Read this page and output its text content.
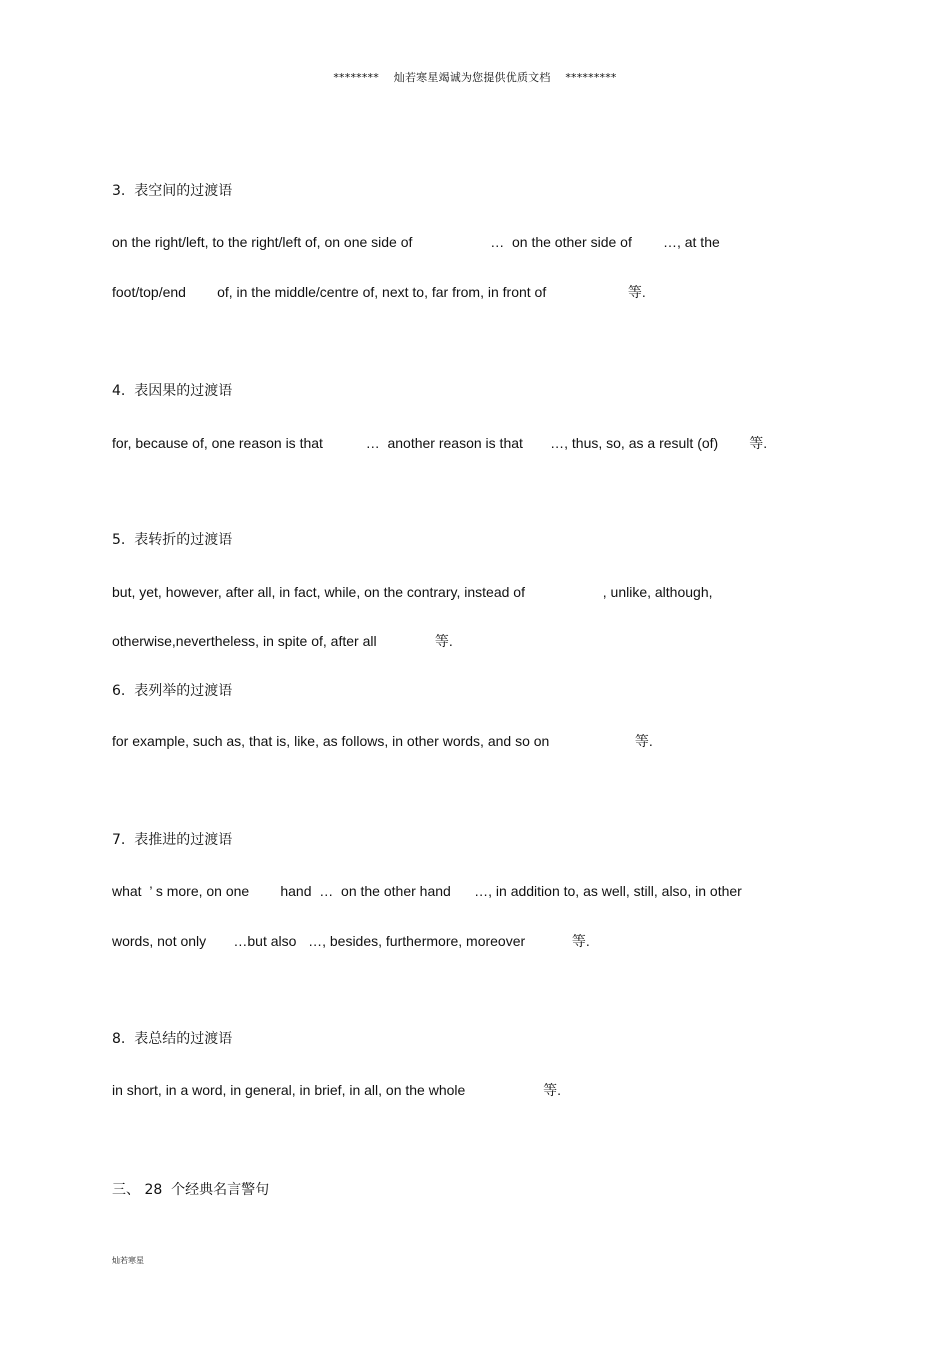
********    灿若寒星竭诚为您提供优质文档    *********
3.  表空间的过渡语
on the right/left, to the right/left of, on one side of                    …  on the other side of        …, at the
foot/top/end        of, in the middle/centre of, next to, far from, in front of                     等.
4.  表因果的过渡语
for, because of, one reason is that           …  another reason is that       …, thus, so, as a result (of)        等.
5.  表转折的过渡语
but, yet, however, after all, in fact, while, on the contrary, instead of                    , unlike, although,
otherwise,nevertheless, in spite of, after all               等.
6.  表列举的过渡语
for example, such as, that is, like, as follows, in other words, and so on                      等.
7.  表推进的过渡语
what  ’ s more, on one        hand  …  on the other hand      …, in addition to, as well, still, also, in other
words, not only       …but also   …, besides, furthermore, moreover            等.
8.  表总结的过渡语
in short, in a word, in general, in brief, in all, on the whole                    等.
三、 28  个经典名言警句
灿若寒星
